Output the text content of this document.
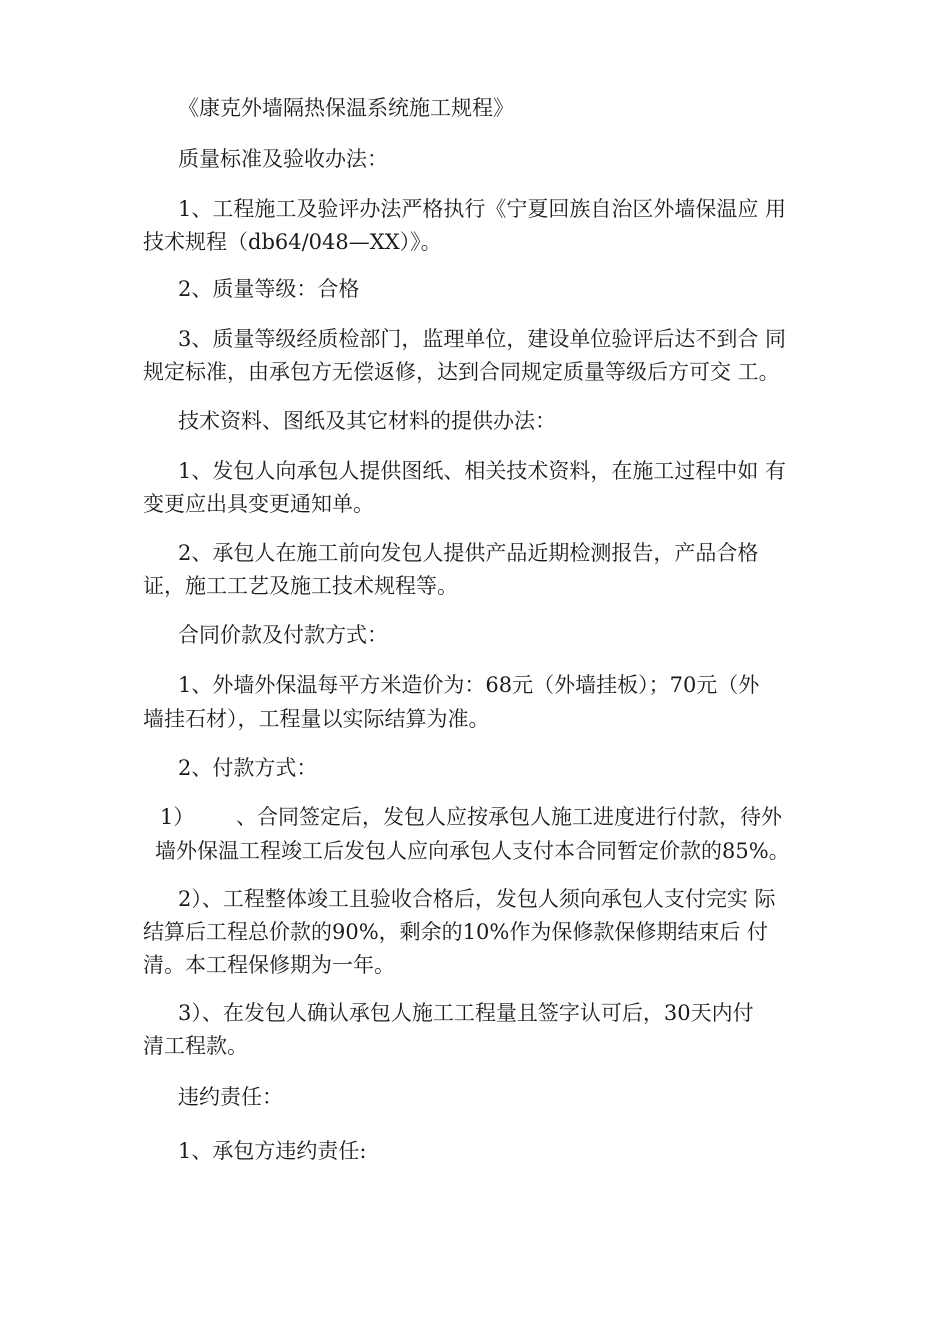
《康克外墙隔热保温系统施工规程》
质量标准及验收办法：
1、工程施工及验评办法严格执行《宁夏回族自治区外墙保温应 用
技术规程（db64/048—XX）》。
2、质量等级：合格
3、质量等级经质检部门，监理单位，建设单位验评后达不到合 同
规定标准，由承包方无偿返修，达到合同规定质量等级后方可交 工。
技术资料、图纸及其它材料的提供办法：
1、发包人向承包人提供图纸、相关技术资料，在施工过程中如 有
变更应出具变更通知单。
2、承包人在施工前向发包人提供产品近期检测报告，产品合格
证，施工工艺及施工技术规程等。
合同价款及付款方式：
1、外墙外保温每平方米造价为：68元（外墙挂板）；70元（外
墙挂石材），工程量以实际结算为准。
2、付款方式：
1） 、合同签定后，发包人应按承包人施工进度进行付款，待外
墙外保温工程竣工后发包人应向承包人支付本合同暂定价款的85%。
2）、工程整体竣工且验收合格后，发包人须向承包人支付完实 际
结算后工程总价款的90%，剩余的10%作为保修款保修期结束后 付
清。本工程保修期为一年。
3）、在发包人确认承包人施工工程量且签字认可后，30天内付
清工程款。
违约责任：
1、承包方违约责任:
